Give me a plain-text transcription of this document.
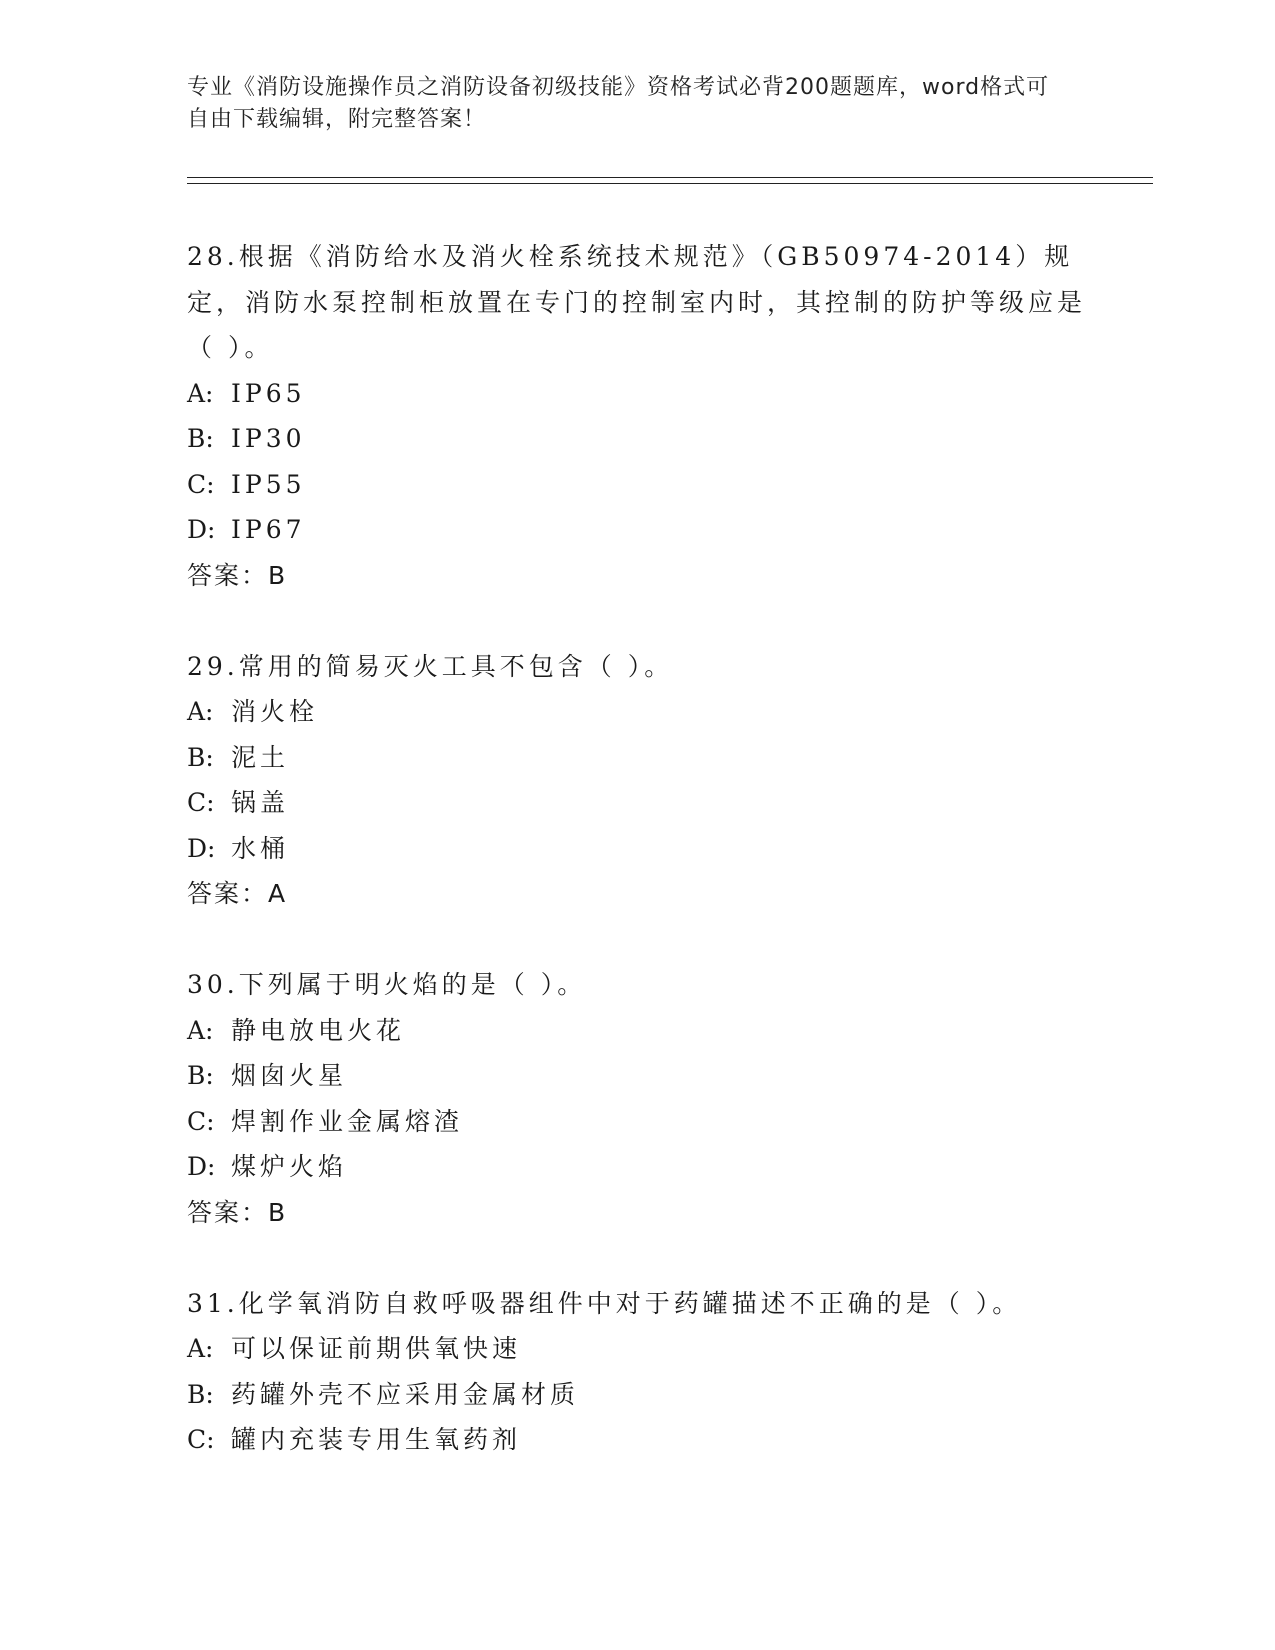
专业《消防设施操作员之消防设备初级技能》资格考试必背200题题库，word格式可自由下载编辑，附完整答案！

28.根据《消防给水及消火栓系统技术规范》（GB50974-2014）规定，消防水泵控制柜放置在专门的控制室内时，其控制的防护等级应是（ ）。

A: IP65

B: IP30

C: IP55

D: IP67

答案：B

29.常用的简易灭火工具不包含（ ）。

A: 消火栓

B: 泥土

C: 锅盖

D: 水桶

答案：A

30.下列属于明火焰的是（ ）。

A: 静电放电火花

B: 烟囱火星

C: 焊割作业金属熔渣

D: 煤炉火焰

答案：B

31.化学氧消防自救呼吸器组件中对于药罐描述不正确的是（ ）。

A: 可以保证前期供氧快速

B: 药罐外壳不应采用金属材质

C: 罐内充装专用生氧药剂
